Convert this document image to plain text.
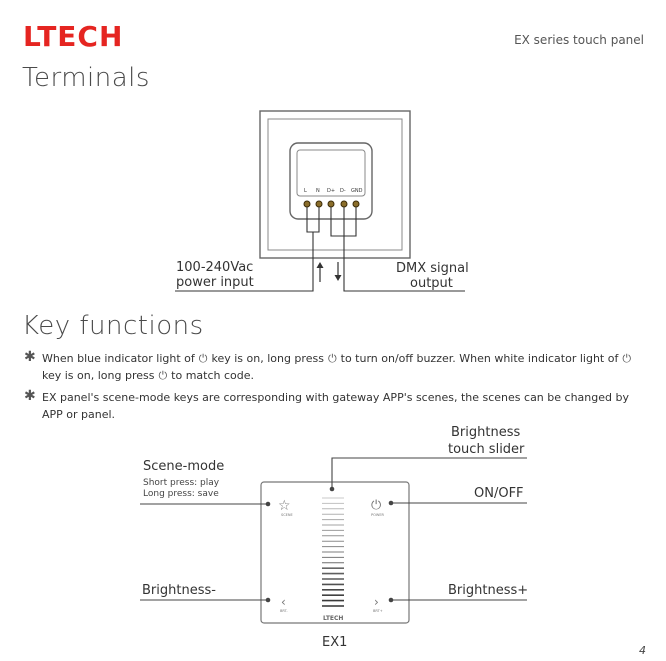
LTECH	EX series touch panel
Terminals
L N D+ D- GND
100-240Vac
power input
DMX signal
output
Key functions
✱ When blue indicator light of ⏻ key is on, long press ⏻ to turn on/off buzzer. When white indicator light of ⏻key is on, long press ⏻ to match code.
✱ EX panel's scene-mode keys are corresponding with gateway APP's scenes, the scenes can be changed by APP or panel.
LTECH
☆
SCENE
⏻
POWER
‹
BRT-
›
BRT+
Scene-mode
Short press: play
Long press: save
Brightness
touch slider
ON/OFF
Brightness-	Brightness+
EX1
4
